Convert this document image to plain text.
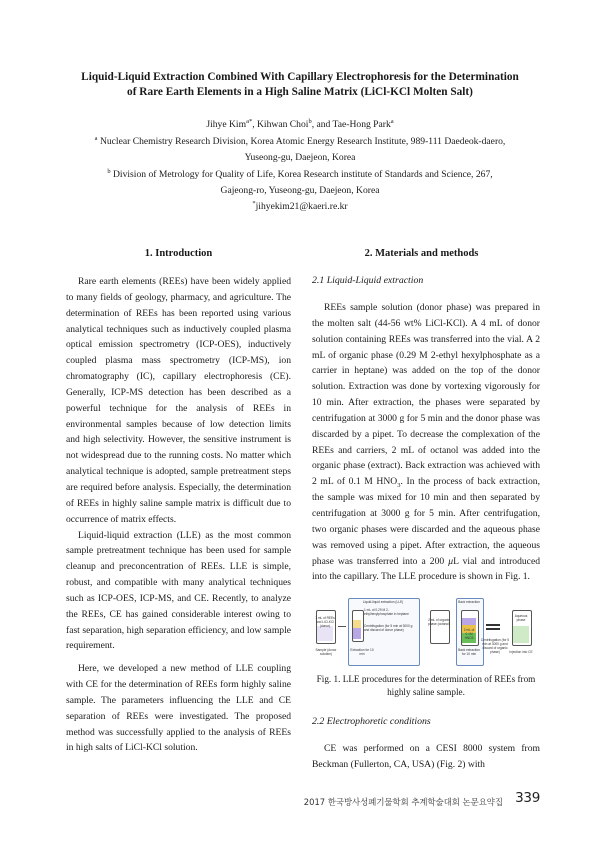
Liquid-Liquid Extraction Combined With Capillary Electrophoresis for the Determination
of Rare Earth Elements in a High Saline Matrix (LiCl-KCl Molten Salt)
Jihye Kim$^{a*}$, Kihwan Choi$^b$, and Tae-Hong Park$^a$
$^a$ Nuclear Chemistry Research Division, Korea Atomic Energy Research Institute, 989-111 Daedeok-daero,
Yuseong-gu, Daejeon, Korea
$^b$ Division of Metrology for Quality of Life, Korea Research institute of Standards and Science, 267,
Gajeong-ro, Yuseong-gu, Daejeon, Korea
*jihyekim21@kaeri.re.kr
1. Introduction	2. Materials and methods

Rare earth elements (REEs) have been widely applied to many fields of geology, pharmacy, and agriculture. The determination of REEs has been reported using various analytical techniques such as inductively coupled plasma optical emission spectrometry (ICP-OES), inductively coupled plasma mass spectrometry (ICP-MS), ion chromatography (IC), capillary electrophoresis (CE). Generally, ICP-MS detection has been described as a powerful technique for the analysis of REEs in environmental samples because of low detection limits and high selectivity. However, the sensitive instrument is not widespread due to the running costs. No matter which analytical technique is adopted, sample pretreatment steps are required before analysis. Especially, the determination of REEs in highly saline sample matrix is difficult due to occurrence of matrix effects.

Liquid-liquid extraction (LLE) as the most common sample pretreatment technique has been used for sample cleanup and preconcentration of REEs. LLE is simple, robust, and compatible with many analytical techniques such as ICP-OES, ICP-MS, and CE. Recently, to analyze the REEs, CE has gained considerable interest owing to fast separation, high separation efficiency, and low sample requirement.

Here, we developed a new method of LLE coupling with CE for the determination of REEs form highly saline sample. The parameters influencing the LLE and CE separation of REEs were investigated. The proposed method was successfully applied to the analysis of REEs in high salts of LiCl-KCl solution.

2.1 Liquid-Liquid extraction

REEs sample solution (donor phase) was prepared in the molten salt (44-56 wt% LiCl-KCl). A 4 mL of donor solution containing REEs was transferred into the vial. A 2 mL of organic phase (0.29 M 2-ethyl hexylphosphate as a carrier in heptane) was added on the top of the donor solution. Extraction was done by vortexing vigorously for 10 min. After extraction, the phases were separated by centrifugation at 3000 g for 5 min and the donor phase was discarded by a pipet. To decrease the complexation of the REEs and carriers, 2 mL of octanol was added into the organic phase (extract). Back extraction was achieved with 2 mL of 0.1 M $HNO_3$. In the process of back extraction, the sample was mixed for 10 min and then separated by centrifugation at 3000 g for 5 min. After centrifugation, two organic phases were discarded and the aqueous phase was removed using a pipet. After extraction, the aqueous phase was transferred into a 200 μL vial and introduced into the capillary. The LLE procedure is shown in Fig. 1.

1 mL of REEs and LiCl-KCl (donor)
Sample (donor solution)
Liquid-liquid extraction (LLE)
1 mL of 0.29 M 2-ethylhexylphosphate in heptane
Centrifugation (for 5 min at 3000 g and discard of donor phase)
Extraction for 10 min
2 mL of organic phase (octanol)
Back extraction
2 mL of 0.1M HNO3
Back extraction for 10 min
Centrifugation (for 5 min at 3000 g and discard of organic phase)
Aqueous phase
Injection into CE
Fig. 1. LLE procedures for the determination of REEs from
highly saline sample.
2.2 Electrophoretic conditions

CE was performed on a CESI 8000 system from Beckman (Fullerton, CA, USA) (Fig. 2) with

2017 한국방사성폐기물학회 추계학술대회 논문요약집 339
